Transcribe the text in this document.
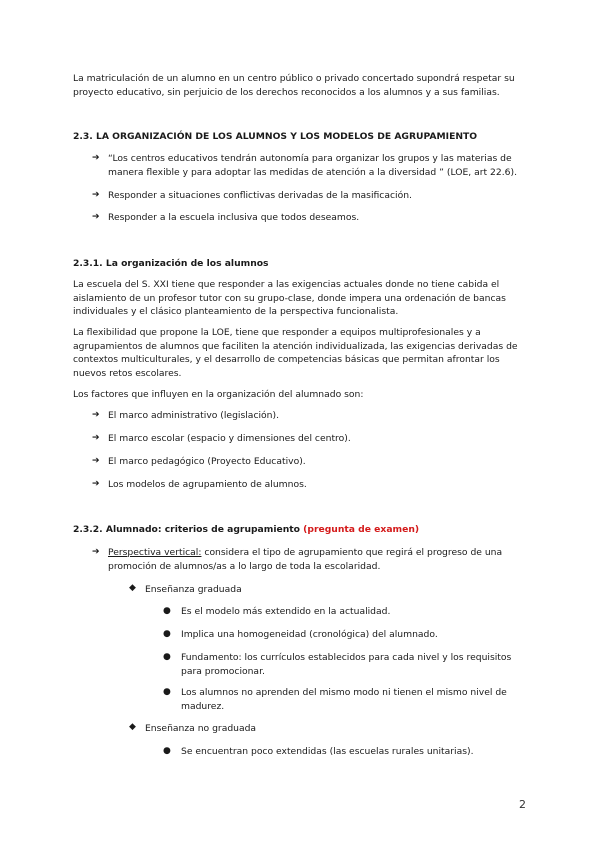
La matriculación de un alumno en un centro público o privado concertado supondrá respetar su proyecto educativo, sin perjuicio de los derechos reconocidos a los alumnos y a sus familias.

2.3. LA ORGANIZACIÓN DE LOS ALUMNOS Y LOS MODELOS DE AGRUPAMIENTO

➔ “Los centros educativos tendrán autonomía para organizar los grupos y las materias de manera flexible y para adoptar las medidas de atención a la diversidad ” (LOE, art 22.6).
➔ Responder a situaciones conflictivas derivadas de la masificación.
➔ Responder a la escuela inclusiva que todos deseamos.

2.3.1. La organización de los alumnos

La escuela del S. XXI tiene que responder a las exigencias actuales donde no tiene cabida el aislamiento de un profesor tutor con su grupo-clase, donde impera una ordenación de bancas individuales y el clásico planteamiento de la perspectiva funcionalista.

La flexibilidad que propone la LOE, tiene que responder a equipos multiprofesionales y a agrupamientos de alumnos que faciliten la atención individualizada, las exigencias derivadas de contextos multiculturales, y el desarrollo de competencias básicas que permitan afrontar los nuevos retos escolares.

Los factores que influyen en la organización del alumnado son:

➔ El marco administrativo (legislación).
➔ El marco escolar (espacio y dimensiones del centro).
➔ El marco pedagógico (Proyecto Educativo).
➔ Los modelos de agrupamiento de alumnos.

2.3.2. Alumnado: criterios de agrupamiento (pregunta de examen)

➔ Perspectiva vertical: considera el tipo de agrupamiento que regirá el progreso de una promoción de alumnos/as a lo largo de toda la escolaridad.
◆ Enseñanza graduada
● Es el modelo más extendido en la actualidad.
● Implica una homogeneidad (cronológica) del alumnado.
● Fundamento: los currículos establecidos para cada nivel y los requisitos para promocionar.
● Los alumnos no aprenden del mismo modo ni tienen el mismo nivel de madurez.
◆ Enseñanza no graduada
● Se encuentran poco extendidas (las escuelas rurales unitarias).
2
